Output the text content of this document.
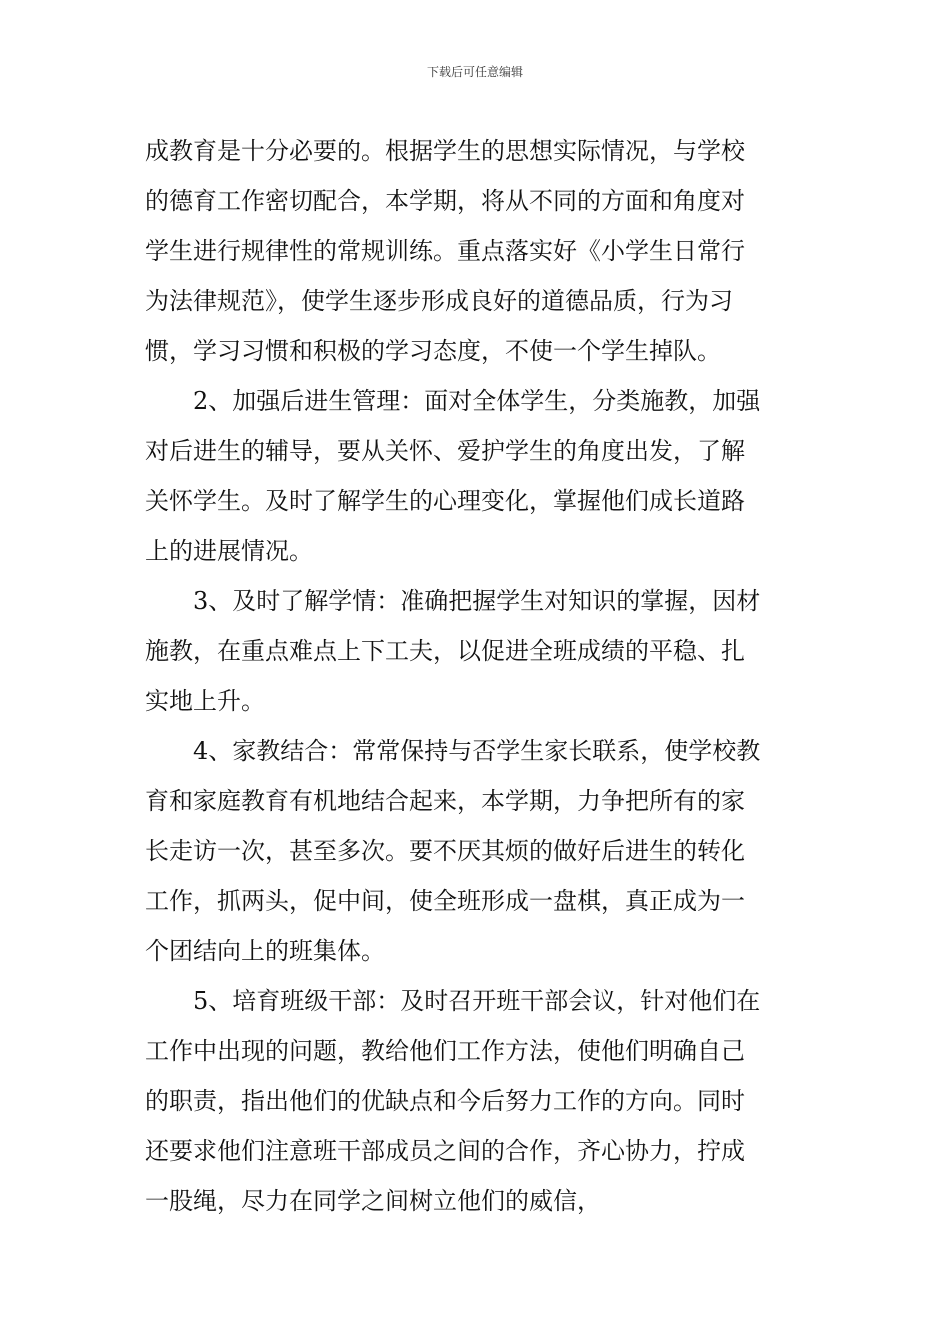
下载后可任意编辑
成教育是十分必要的。根据学生的思想实际情况，与学校
的德育工作密切配合，本学期，将从不同的方面和角度对
学生进行规律性的常规训练。重点落实好《小学生日常行
为法律规范》，使学生逐步形成良好的道德品质，行为习
惯，学习习惯和积极的学习态度，不使一个学生掉队。
2、加强后进生管理：面对全体学生，分类施教，加强
对后进生的辅导，要从关怀、爱护学生的角度出发，了解
关怀学生。及时了解学生的心理变化，掌握他们成长道路
上的进展情况。
3、及时了解学情：准确把握学生对知识的掌握，因材
施教，在重点难点上下工夫，以促进全班成绩的平稳、扎
实地上升。
4、家教结合：常常保持与否学生家长联系，使学校教
育和家庭教育有机地结合起来，本学期，力争把所有的家
长走访一次，甚至多次。要不厌其烦的做好后进生的转化
工作，抓两头，促中间，使全班形成一盘棋，真正成为一
个团结向上的班集体。
5、培育班级干部：及时召开班干部会议，针对他们在
工作中出现的问题，教给他们工作方法，使他们明确自己
的职责，指出他们的优缺点和今后努力工作的方向。同时
还要求他们注意班干部成员之间的合作，齐心协力，拧成
一股绳，尽力在同学之间树立他们的威信，
